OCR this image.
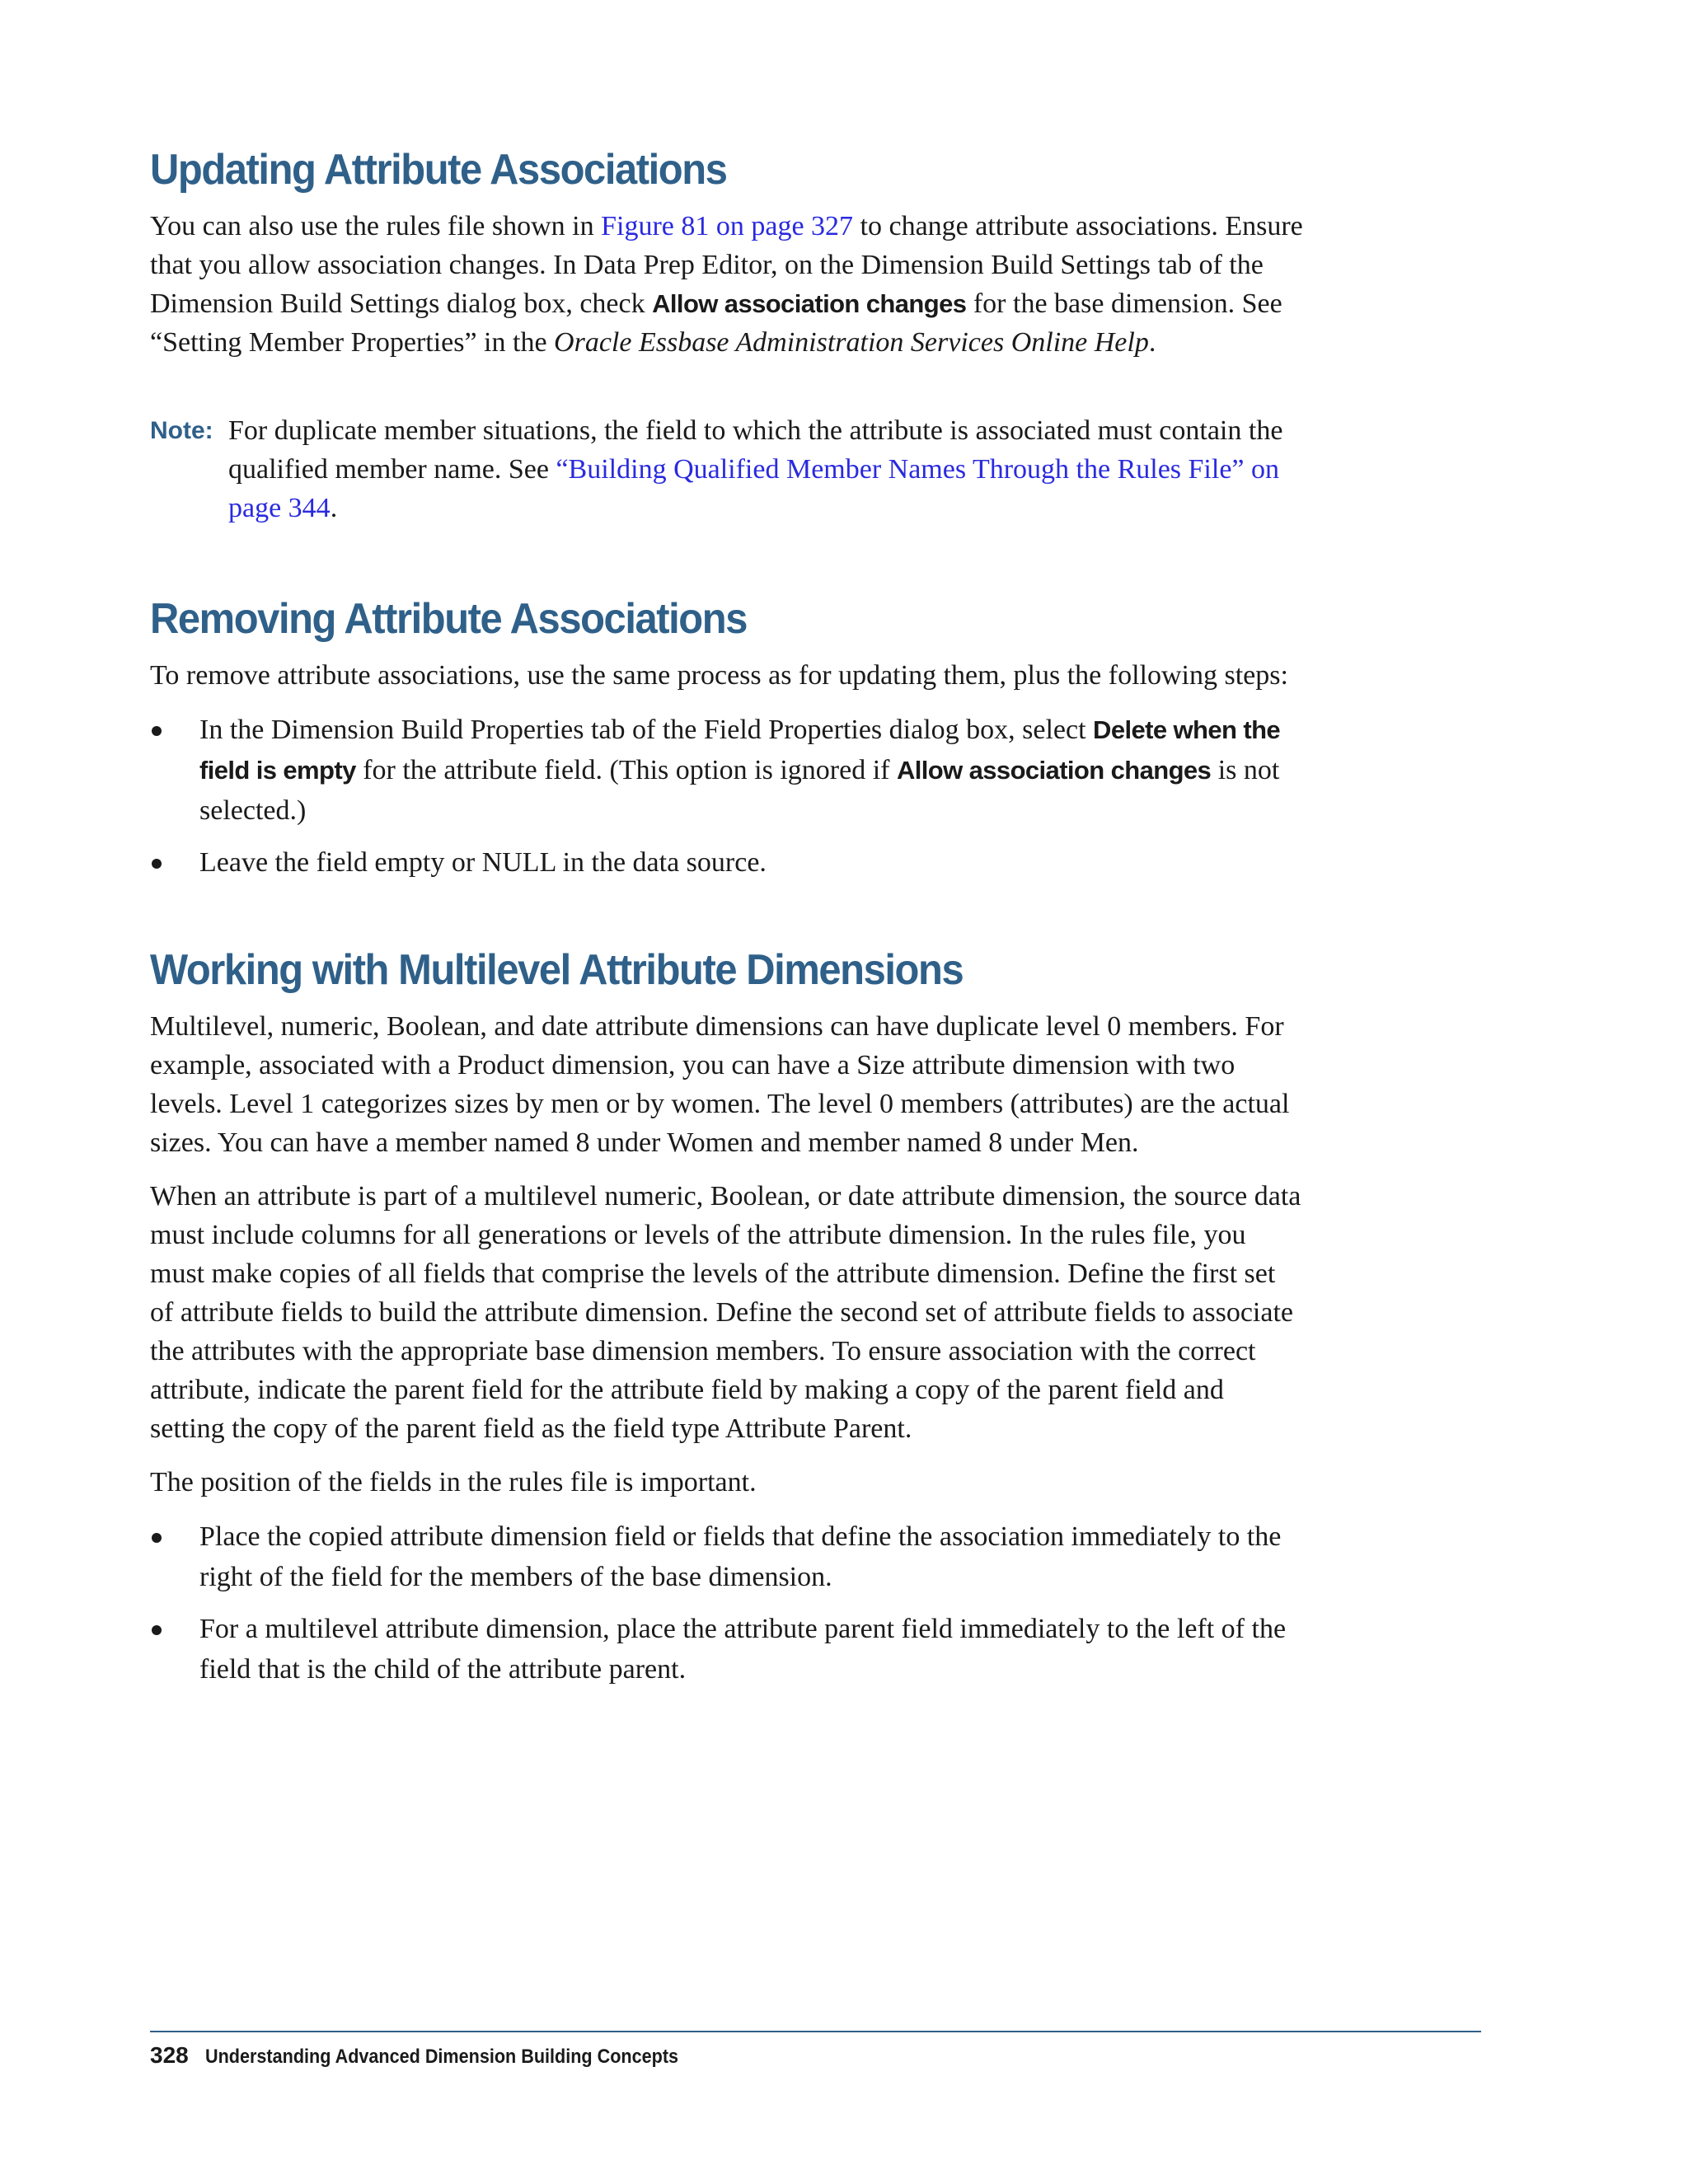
Updating Attribute Associations

You can also use the rules file shown in Figure 81 on page 327 to change attribute associations. Ensure that you allow association changes. In Data Prep Editor, on the Dimension Build Settings tab of the Dimension Build Settings dialog box, check Allow association changes for the base dimension. See “Setting Member Properties” in the Oracle Essbase Administration Services Online Help.

Note: For duplicate member situations, the field to which the attribute is associated must contain the qualified member name. See “Building Qualified Member Names Through the Rules File” on page 344.
Removing Attribute Associations

To remove attribute associations, use the same process as for updating them, plus the following steps:

In the Dimension Build Properties tab of the Field Properties dialog box, select Delete when the field is empty for the attribute field. (This option is ignored if Allow association changes is not selected.)
Leave the field empty or NULL in the data source.
Working with Multilevel Attribute Dimensions

Multilevel, numeric, Boolean, and date attribute dimensions can have duplicate level 0 members. For example, associated with a Product dimension, you can have a Size attribute dimension with two levels. Level 1 categorizes sizes by men or by women. The level 0 members (attributes) are the actual sizes. You can have a member named 8 under Women and member named 8 under Men.

When an attribute is part of a multilevel numeric, Boolean, or date attribute dimension, the source data must include columns for all generations or levels of the attribute dimension. In the rules file, you must make copies of all fields that comprise the levels of the attribute dimension. Define the first set of attribute fields to build the attribute dimension. Define the second set of attribute fields to associate the attributes with the appropriate base dimension members. To ensure association with the correct attribute, indicate the parent field for the attribute field by making a copy of the parent field and setting the copy of the parent field as the field type Attribute Parent.

The position of the fields in the rules file is important.

Place the copied attribute dimension field or fields that define the association immediately to the right of the field for the members of the base dimension.
For a multilevel attribute dimension, place the attribute parent field immediately to the left of the field that is the child of the attribute parent.
328 Understanding Advanced Dimension Building Concepts
